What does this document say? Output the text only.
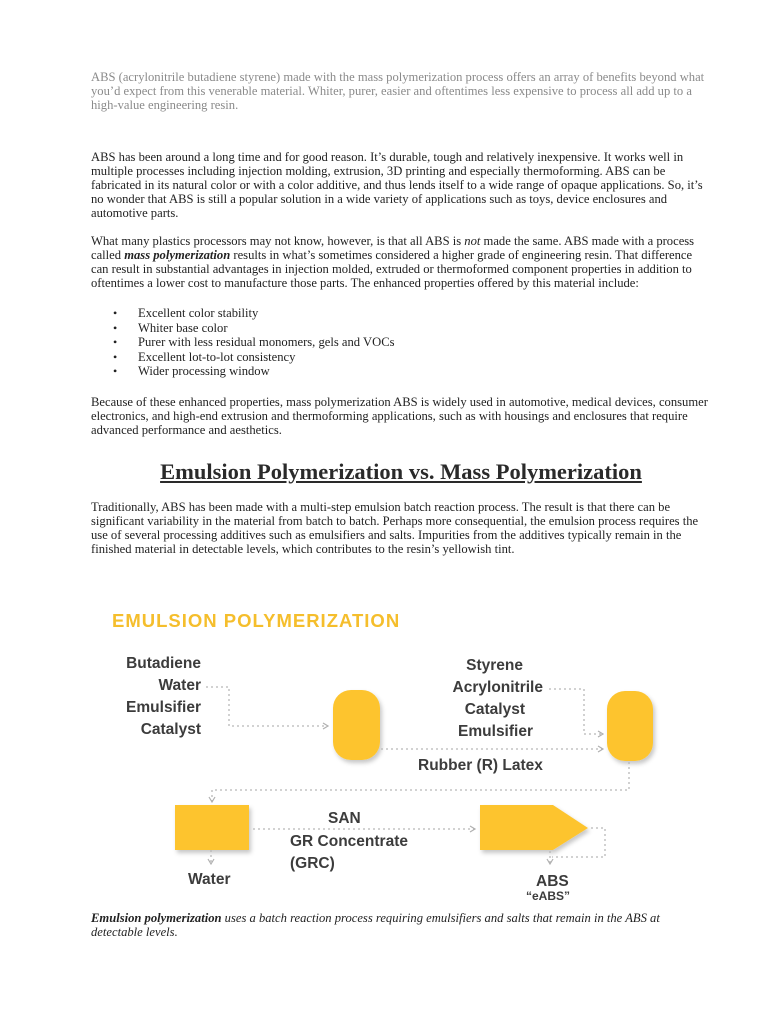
ABS (acrylonitrile butadiene styrene) made with the mass polymerization process offers an array of benefits beyond what you’d expect from this venerable material. Whiter, purer, easier and oftentimes less expensive to process all add up to a high-value engineering resin.

ABS has been around a long time and for good reason. It’s durable, tough and relatively inexpensive. It works well in multiple processes including injection molding, extrusion, 3D printing and especially thermoforming. ABS can be fabricated in its natural color or with a color additive, and thus lends itself to a wide range of opaque applications. So, it’s no wonder that ABS is still a popular solution in a wide variety of applications such as toys, device enclosures and automotive parts.

What many plastics processors may not know, however, is that all ABS is not made the same. ABS made with a process called mass polymerization results in what’s sometimes considered a higher grade of engineering resin. That difference can result in substantial advantages in injection molded, extruded or thermoformed component properties in addition to oftentimes a lower cost to manufacture those parts. The enhanced properties offered by this material include:

• Excellent color stability
• Whiter base color
• Purer with less residual monomers, gels and VOCs
• Excellent lot-to-lot consistency
• Wider processing window

Because of these enhanced properties, mass polymerization ABS is widely used in automotive, medical devices, consumer electronics, and high-end extrusion and thermoforming applications, such as with housings and enclosures that require advanced performance and aesthetics.

Emulsion Polymerization vs. Mass Polymerization

Traditionally, ABS has been made with a multi-step emulsion batch reaction process. The result is that there can be significant variability in the material from batch to batch. Perhaps more consequential, the emulsion process requires the use of several processing additives such as emulsifiers and salts. Impurities from the additives typically remain in the finished material in detectable levels, which contributes to the resin’s yellowish tint.

EMULSION POLYMERIZATION
Butadiene
Water
Emulsifier
Catalyst
Styrene
Acrylonitrile
Catalyst
Emulsifier
Rubber (R) Latex
Water
SAN
GR Concentrate
(GRC)
ABS
“eABS”

Emulsion polymerization uses a batch reaction process requiring emulsifiers and salts that remain in the ABS at detectable levels.
